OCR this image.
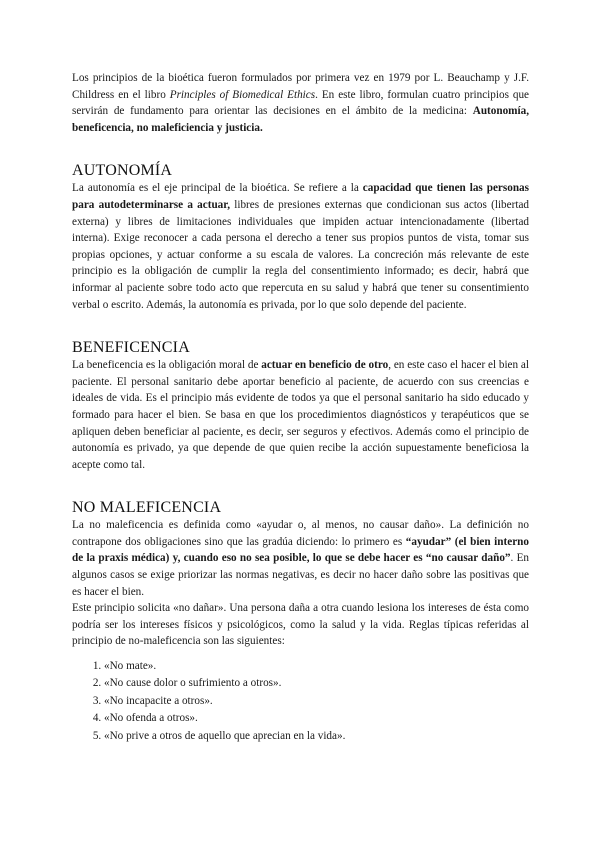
Los principios de la bioética fueron formulados por primera vez en 1979 por L. Beauchamp y J.F. Childress en el libro Principles of Biomedical Ethics. En este libro, formulan cuatro principios que servirán de fundamento para orientar las decisiones en el ámbito de la medicina: Autonomía, beneficencia, no maleficiencia y justicia.

AUTONOMÍA

La autonomía es el eje principal de la bioética. Se refiere a la capacidad que tienen las personas para autodeterminarse a actuar, libres de presiones externas que condicionan sus actos (libertad externa) y libres de limitaciones individuales que impiden actuar intencionadamente (libertad interna). Exige reconocer a cada persona el derecho a tener sus propios puntos de vista, tomar sus propias opciones, y actuar conforme a su escala de valores. La concreción más relevante de este principio es la obligación de cumplir la regla del consentimiento informado; es decir, habrá que informar al paciente sobre todo acto que repercuta en su salud y habrá que tener su consentimiento verbal o escrito. Además, la autonomía es privada, por lo que solo depende del paciente.

BENEFICENCIA

La beneficencia es la obligación moral de actuar en beneficio de otro, en este caso el hacer el bien al paciente. El personal sanitario debe aportar beneficio al paciente, de acuerdo con sus creencias e ideales de vida. Es el principio más evidente de todos ya que el personal sanitario ha sido educado y formado para hacer el bien. Se basa en que los procedimientos diagnósticos y terapéuticos que se apliquen deben beneficiar al paciente, es decir, ser seguros y efectivos. Además como el principio de autonomía es privado, ya que depende de que quien recibe la acción supuestamente beneficiosa la acepte como tal.

NO MALEFICENCIA

La no maleficencia es definida como «ayudar o, al menos, no causar daño». La definición no contrapone dos obligaciones sino que las gradúa diciendo: lo primero es “ayudar” (el bien interno de la praxis médica) y, cuando eso no sea posible, lo que se debe hacer es “no causar daño”. En algunos casos se exige priorizar las normas negativas, es decir no hacer daño sobre las positivas que es hacer el bien.

Este principio solicita «no dañar». Una persona daña a otra cuando lesiona los intereses de ésta como podría ser los intereses físicos y psicológicos, como la salud y la vida. Reglas típicas referidas al principio de no-maleficencia son las siguientes:

1. «No mate».
2. «No cause dolor o sufrimiento a otros».
3. «No incapacite a otros».
4. «No ofenda a otros».
5. «No prive a otros de aquello que aprecian en la vida».
